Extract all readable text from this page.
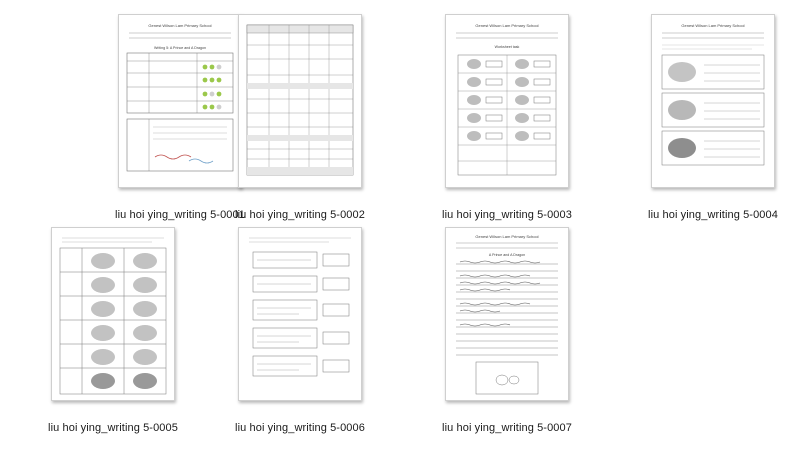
Genest Wilson Lam Primary School
Writing 5: A Prince and A Dragon
liu hoi ying_writing 5-0001
liu hoi ying_writing 5-0002
Genest Wilson Lam Primary School
Worksheet task
liu hoi ying_writing 5-0003
Genest Wilson Lam Primary School
liu hoi ying_writing 5-0004
liu hoi ying_writing 5-0005	liu hoi ying_writing 5-0006
Genest Wilson Lam Primary School
A Prince and A Dragon
liu hoi ying_writing 5-0007
